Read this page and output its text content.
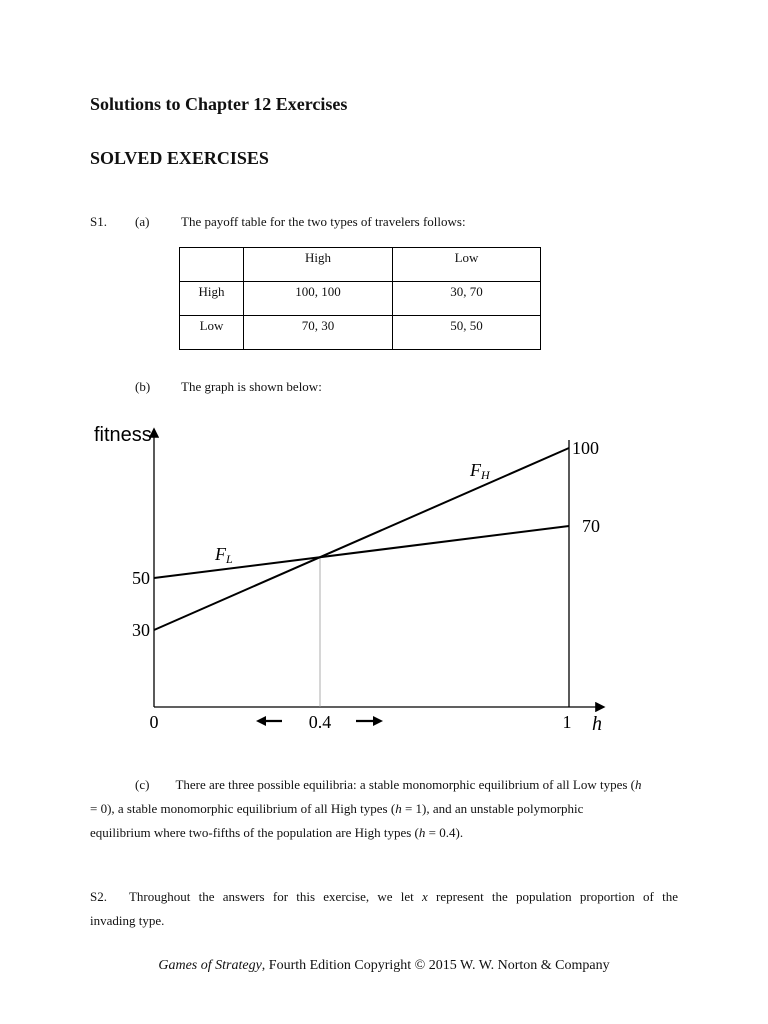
Solutions to Chapter 12 Exercises
SOLVED EXERCISES
S1. (a) The payoff table for the two types of travelers follows:
	High	Low
High	100, 100	30, 70
Low	70, 30	50, 50
(b) The graph is shown below:
fitness
h
0	0.4	1
30
50
100
70
FH
FL
(c) There are three possible equilibria: a stable monomorphic equilibrium of all Low types (h
= 0), a stable monomorphic equilibrium of all High types (h = 1), and an unstable polymorphic
equilibrium where two-fifths of the population are High types (h = 0.4).
S2. Throughout the answers for this exercise, we let x represent the population proportion of the
invading type.
Games of Strategy, Fourth Edition Copyright © 2015 W. W. Norton & Company
